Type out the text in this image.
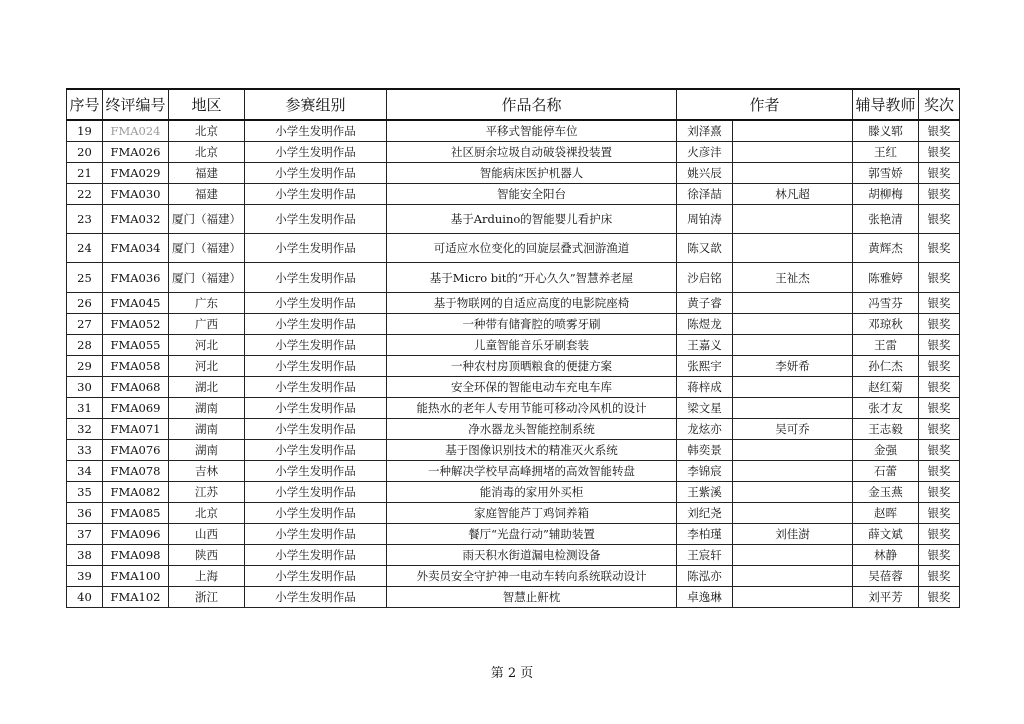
序号	终评编号	地区	参赛组别	作品名称	作者		辅导教师	奖次
19	FMA024	北京	小学生发明作品	平移式智能停车位	刘泽熹		滕义郓	银奖
20	FMA026	北京	小学生发明作品	社区厨余垃圾自动破袋裸投装置	火彦沣		王红	银奖
21	FMA029	福建	小学生发明作品	智能病床医护机器人	姚兴辰		郭雪娇	银奖
22	FMA030	福建	小学生发明作品	智能安全阳台	徐泽喆	林凡超	胡柳梅	银奖
23	FMA032	厦门（福建）	小学生发明作品	基于Arduino的智能婴儿看护床	周铂涛		张艳清	银奖
24	FMA034	厦门（福建）	小学生发明作品	可适应水位变化的回旋层叠式洄游渔道	陈又歆		黄辉杰	银奖
25	FMA036	厦门（福建）	小学生发明作品	基于Micro bit的“开心久久”智慧养老屋	沙启铭	王祉杰	陈雅婷	银奖
26	FMA045	广东	小学生发明作品	基于物联网的自适应高度的电影院座椅	黄子睿		冯雪芬	银奖
27	FMA052	广西	小学生发明作品	一种带有储膏腔的喷雾牙刷	陈煜龙		邓琼秋	银奖
28	FMA055	河北	小学生发明作品	儿童智能音乐牙刷套装	王嘉义		王雷	银奖
29	FMA058	河北	小学生发明作品	一种农村房顶晒粮食的便捷方案	张熙宇	李妍希	孙仁杰	银奖
30	FMA068	湖北	小学生发明作品	安全环保的智能电动车充电车库	蒋梓成		赵红菊	银奖
31	FMA069	湖南	小学生发明作品	能热水的老年人专用节能可移动冷风机的设计	梁文星		张才友	银奖
32	FMA071	湖南	小学生发明作品	净水器龙头智能控制系统	龙炫亦	吴可乔	王志毅	银奖
33	FMA076	湖南	小学生发明作品	基于图像识别技术的精准灭火系统	韩奕景		金强	银奖
34	FMA078	吉林	小学生发明作品	一种解决学校早高峰拥堵的高效智能转盘	李锦宸		石蕾	银奖
35	FMA082	江苏	小学生发明作品	能消毒的家用外买柜	王紫溪		金玉燕	银奖
36	FMA085	北京	小学生发明作品	家庭智能芦丁鸡饲养箱	刘纪尧		赵晖	银奖
37	FMA096	山西	小学生发明作品	餐厅“光盘行动”辅助装置	李柏瑾	刘佳澍	薛文斌	银奖
38	FMA098	陕西	小学生发明作品	雨天积水街道漏电检测设备	王宸轩		林静	银奖
39	FMA100	上海	小学生发明作品	外卖员安全守护神一电动车转向系统联动设计	陈泓亦		吴蓓蓉	银奖
40	FMA102	浙江	小学生发明作品	智慧止鼾枕	卓逸琳		刘平芳	银奖
第 2 页
